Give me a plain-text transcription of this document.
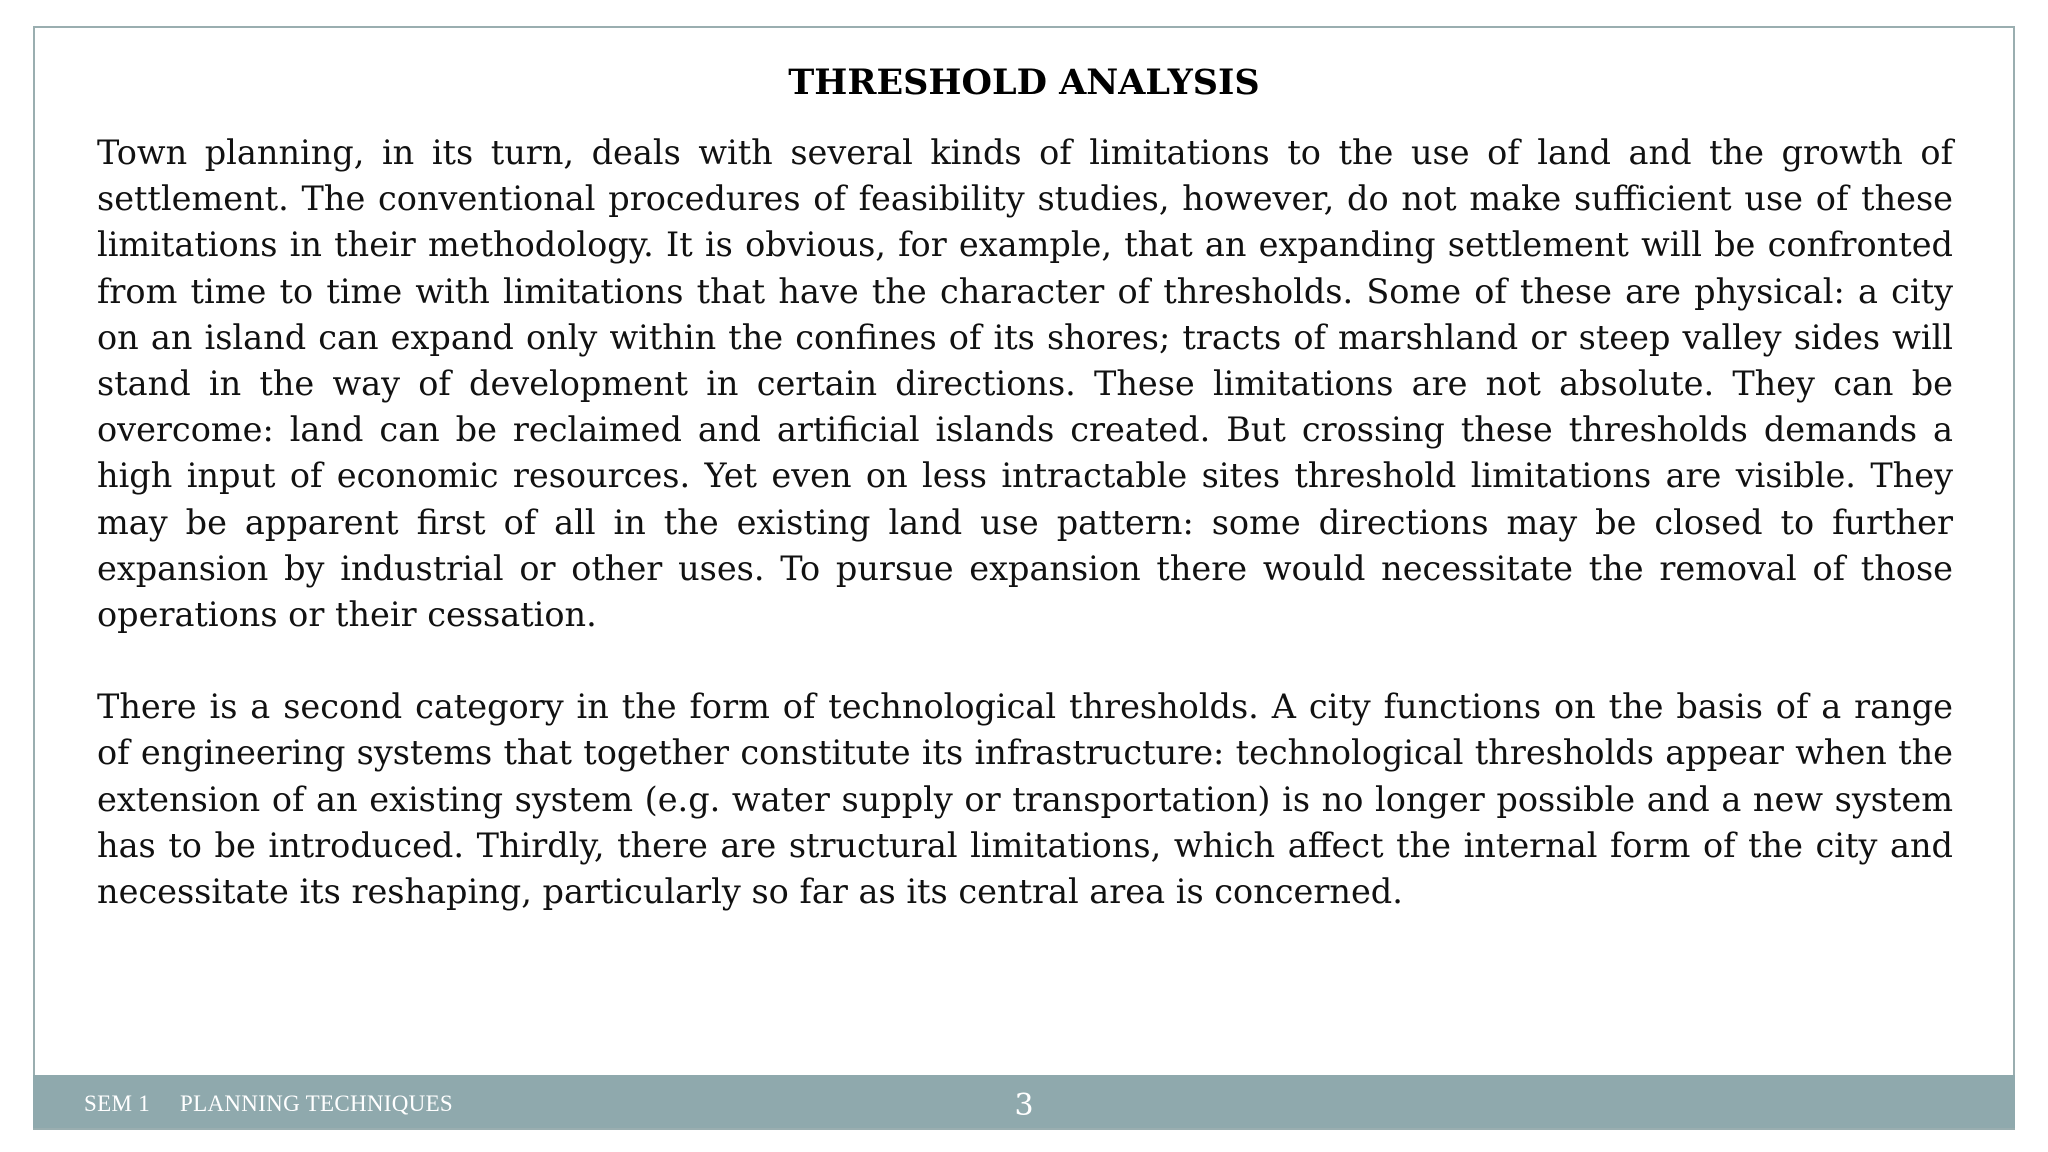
THRESHOLD ANALYSIS

Town planning, in its turn, deals with several kinds of limitations to the use of land and the growth of settlement. The conventional procedures of feasibility studies, however, do not make sufficient use of these limitations in their methodology. It is obvious, for example, that an expanding settlement will be confronted from time to time with limitations that have the character of thresholds. Some of these are physical: a city on an island can expand only within the confines of its shores; tracts of marshland or steep valley sides will stand in the way of development in certain directions. These limitations are not absolute. They can be overcome: land can be reclaimed and artificial islands created. But crossing these thresholds demands a high input of economic resources. Yet even on less intractable sites threshold limitations are visible. They may be apparent first of all in the existing land use pattern: some directions may be closed to further expansion by industrial or other uses. To pursue expansion there would necessitate the removal of those operations or their cessation.

There is a second category in the form of technological thresholds. A city functions on the basis of a range of engineering systems that together constitute its infrastructure: technological thresholds appear when the extension of an existing system (e.g. water supply or transportation) is no longer possible and a new system has to be introduced. Thirdly, there are structural limitations, which affect the internal form of the city and necessitate its reshaping, particularly so far as its central area is concerned.

SEM 1 PLANNING TECHNIQUES	3
